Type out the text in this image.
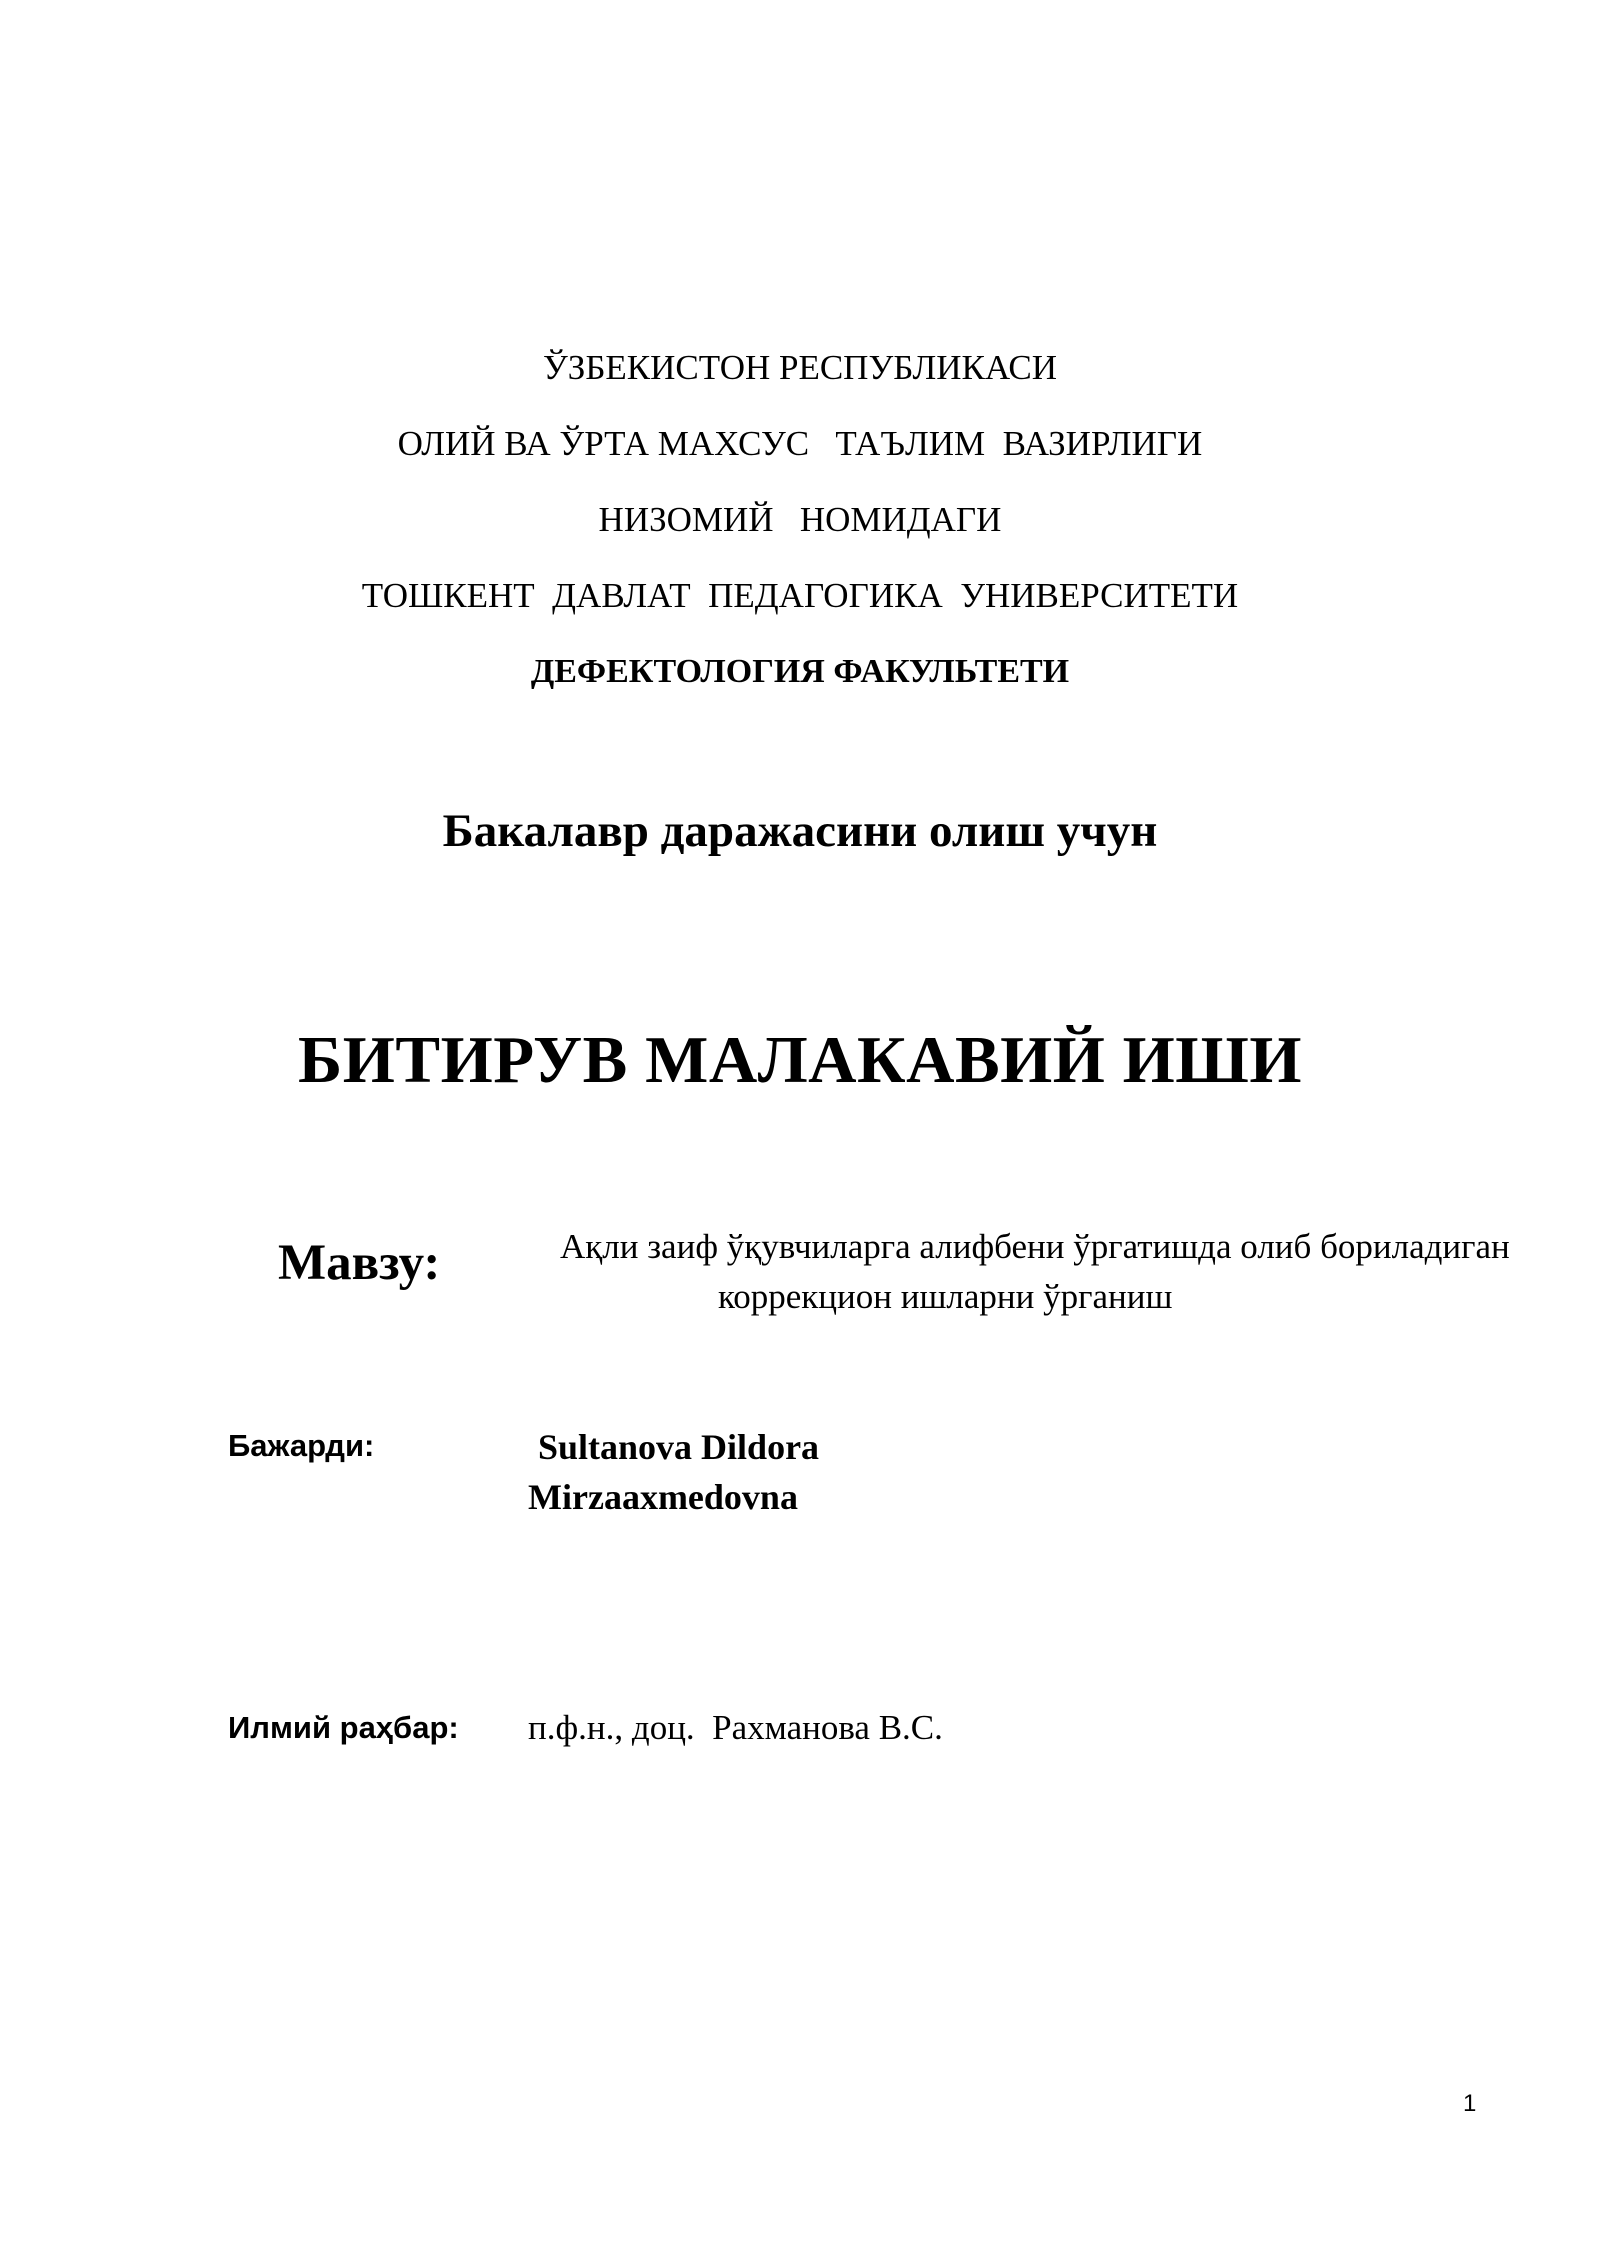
ЎЗБЕКИСТОН РЕСПУБЛИКАСИ
ОЛИЙ ВА ЎРТА МАХСУС   ТАЪЛИМ  ВАЗИРЛИГИ
НИЗОМИЙ   НОМИДАГИ
ТОШКЕНТ  ДАВЛАТ  ПЕДАГОГИКА  УНИВЕРСИТЕТИ
ДЕФЕКТОЛОГИЯ ФАКУЛЬТЕТИ
Бакалавр даражасини олиш учун
БИТИРУВ МАЛАКАВИЙ ИШИ
Мавзу:	Ақли заиф ўқувчиларга алифбени ўргатишда олиб бориладиган
коррекцион ишларни ўрганиш
Бажарди:	Sultanova Dildora
Mirzaaxmedovna
Илмий раҳбар: п.ф.н., доц.  Рахманова В.С.
1
